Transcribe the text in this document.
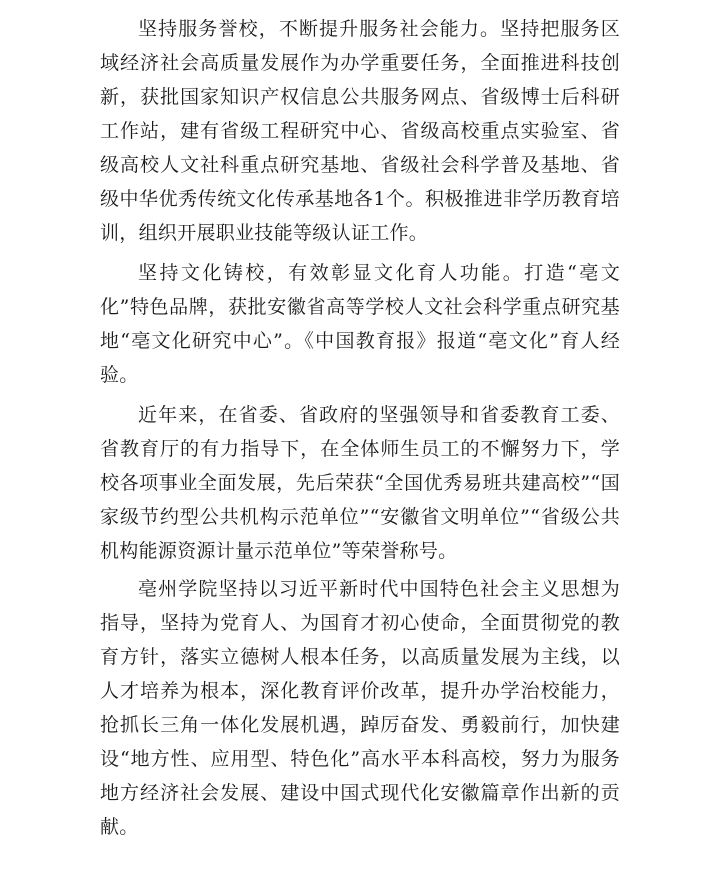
坚持服务誉校，不断提升服务社会能力。坚持把服务区域经济社会高质量发展作为办学重要任务，全面推进科技创新，获批国家知识产权信息公共服务网点、省级博士后科研工作站，建有省级工程研究中心、省级高校重点实验室、省级高校人文社科重点研究基地、省级社会科学普及基地、省级中华优秀传统文化传承基地各1个。积极推进非学历教育培训，组织开展职业技能等级认证工作。

坚持文化铸校，有效彰显文化育人功能。打造“亳文化”特色品牌，获批安徽省高等学校人文社会科学重点研究基地“亳文化研究中心”。《中国教育报》报道“亳文化”育人经验。

近年来，在省委、省政府的坚强领导和省委教育工委、省教育厅的有力指导下，在全体师生员工的不懈努力下，学校各项事业全面发展，先后荣获“全国优秀易班共建高校”“国家级节约型公共机构示范单位”“安徽省文明单位”“省级公共机构能源资源计量示范单位”等荣誉称号。

亳州学院坚持以习近平新时代中国特色社会主义思想为指导，坚持为党育人、为国育才初心使命，全面贯彻党的教育方针，落实立德树人根本任务，以高质量发展为主线，以人才培养为根本，深化教育评价改革，提升办学治校能力，抢抓长三角一体化发展机遇，踔厉奋发、勇毅前行，加快建设“地方性、应用型、特色化”高水平本科高校，努力为服务地方经济社会发展、建设中国式现代化安徽篇章作出新的贡献。
